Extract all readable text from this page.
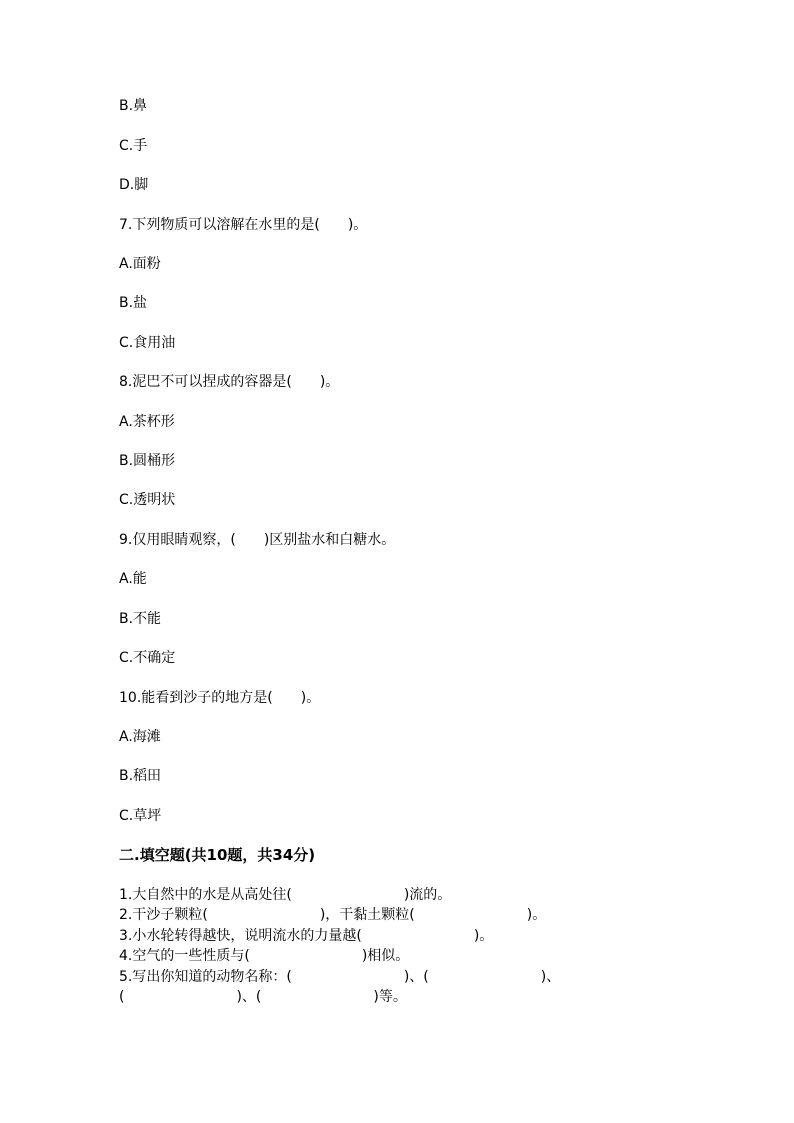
B.鼻
C.手
D.脚
7.下列物质可以溶解在水里的是(　　)。
A.面粉
B.盐
C.食用油
8.泥巴不可以捏成的容器是(　　)。
A.茶杯形
B.圆桶形
C.透明状
9.仅用眼睛观察，(　　)区别盐水和白糖水。
A.能
B.不能
C.不确定
10.能看到沙子的地方是(　　)。
A.海滩
B.稻田
C.草坪
二.填空题(共10题，共34分)
1.大自然中的水是从高处往(　　　　　　　　)流的。
2.干沙子颗粒(　　　　　　　　)，干黏土颗粒(　　　　　　　　)。
3.小水轮转得越快，说明流水的力量越(　　　　　　　　)。
4.空气的一些性质与(　　　　　　　　)相似。
5.写出你知道的动物名称：(　　　　　　　　)、(　　　　　　　　)、
(　　　　　　　　)、(　　　　　　　　)等。
